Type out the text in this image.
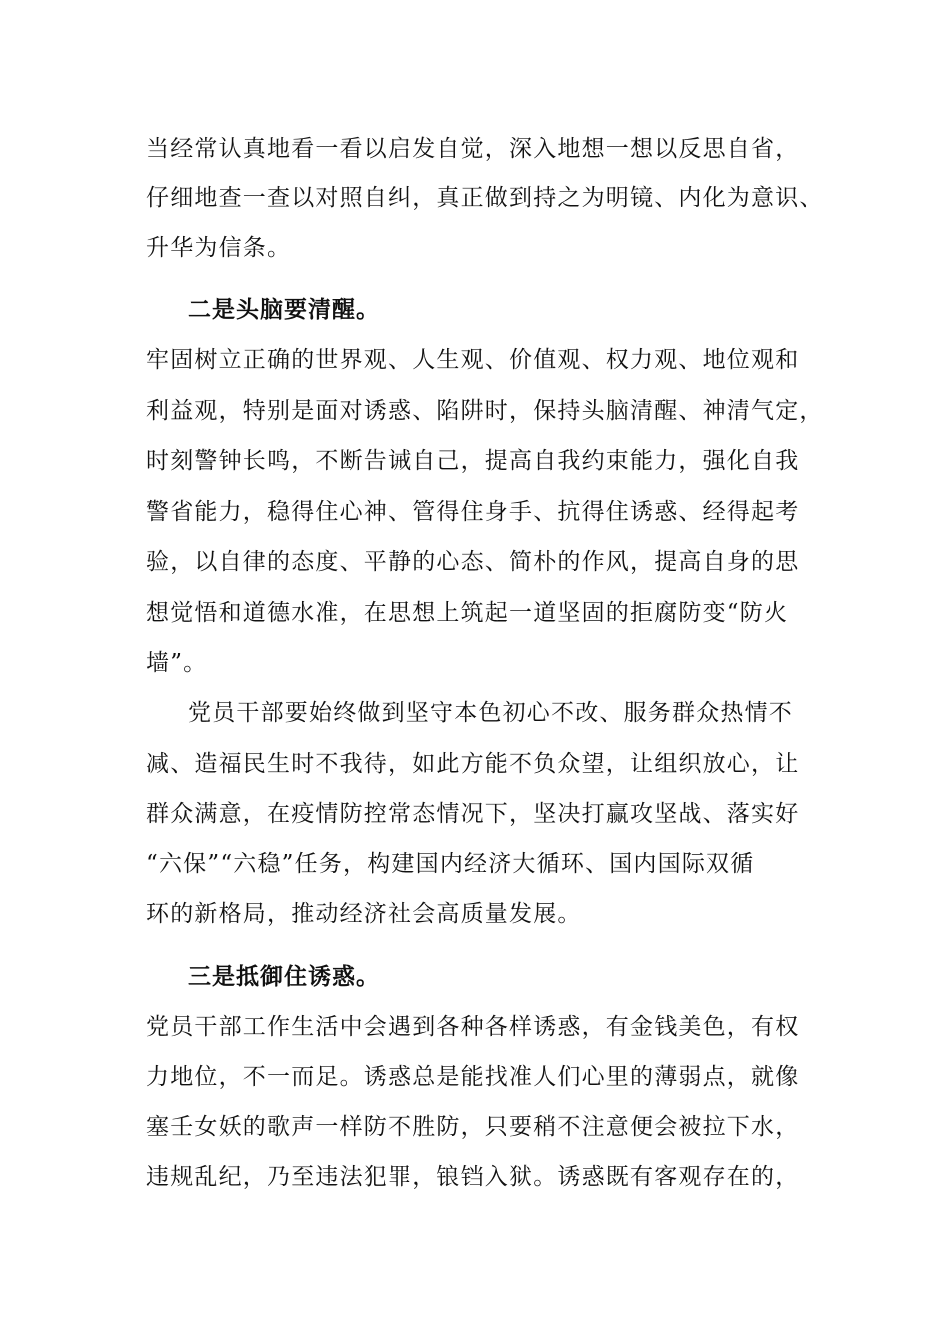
当经常认真地看一看以启发自觉，深入地想一想以反思自省，
仔细地查一查以对照自纠，真正做到持之为明镜、内化为意识、
升华为信条。
二是头脑要清醒。
牢固树立正确的世界观、人生观、价值观、权力观、地位观和
利益观，特别是面对诱惑、陷阱时，保持头脑清醒、神清气定，
时刻警钟长鸣，不断告诫自己，提高自我约束能力，强化自我
警省能力，稳得住心神、管得住身手、抗得住诱惑、经得起考
验，以自律的态度、平静的心态、简朴的作风，提高自身的思
想觉悟和道德水准，在思想上筑起一道坚固的拒腐防变“防火
墙”。
党员干部要始终做到坚守本色初心不改、服务群众热情不
减、造福民生时不我待，如此方能不负众望，让组织放心，让
群众满意，在疫情防控常态情况下，坚决打赢攻坚战、落实好
“六保”“六稳”任务，构建国内经济大循环、国内国际双循
环的新格局，推动经济社会高质量发展。
三是抵御住诱惑。
党员干部工作生活中会遇到各种各样诱惑，有金钱美色，有权
力地位，不一而足。诱惑总是能找准人们心里的薄弱点，就像
塞壬女妖的歌声一样防不胜防，只要稍不注意便会被拉下水，
违规乱纪，乃至违法犯罪，锒铛入狱。诱惑既有客观存在的，
